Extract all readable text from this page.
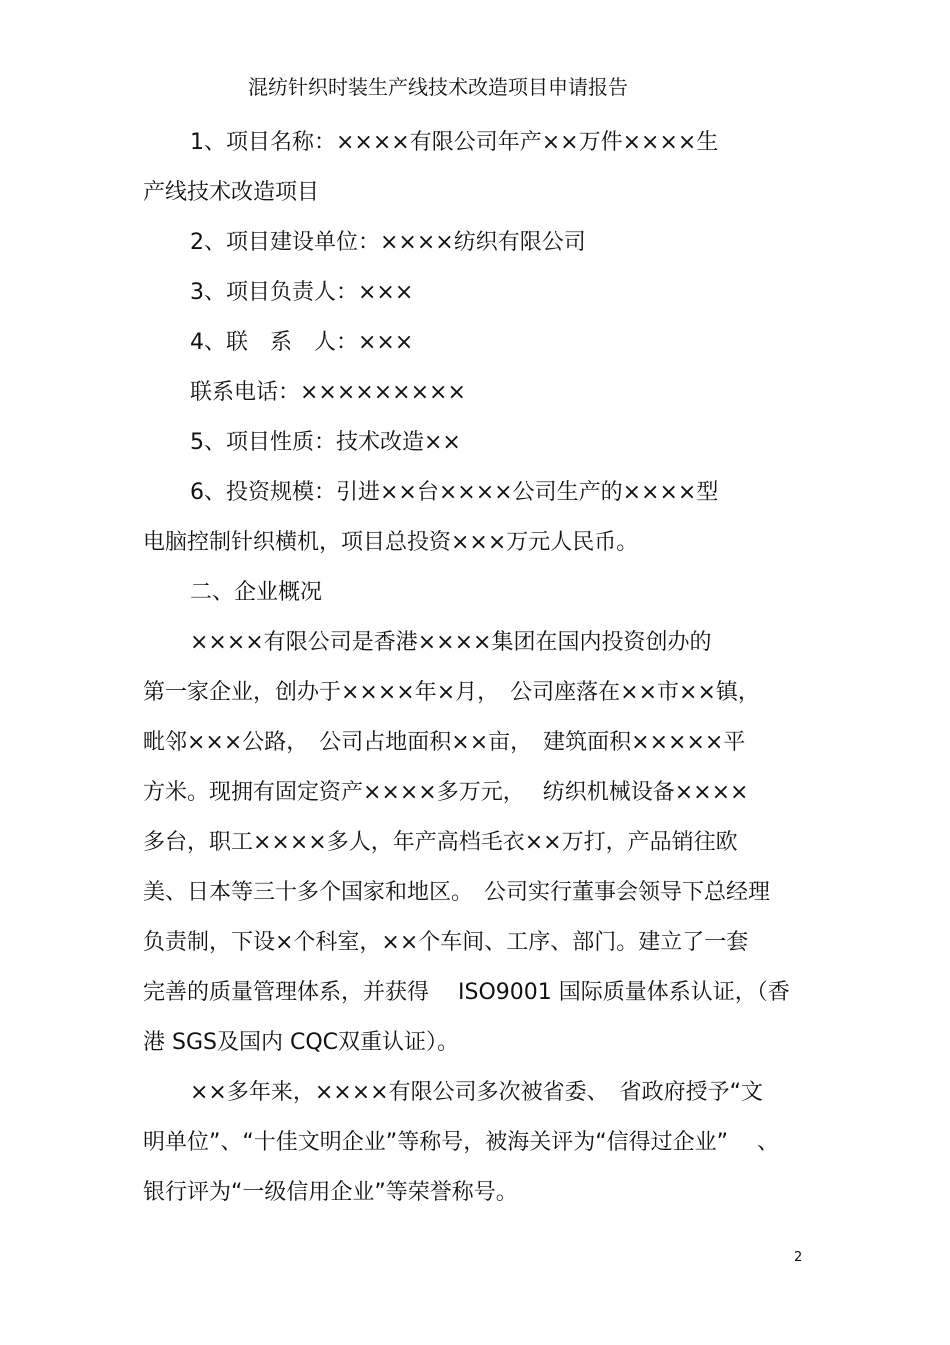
混纺针织时装生产线技术改造项目申请报告
1、项目名称：××××有限公司年产××万件××××生
产线技术改造项目
2、项目建设单位：××××纺织有限公司
3、项目负责人：×××
4、联　系　人：×××
联系电话：×××××××××
5、项目性质：技术改造××
6、投资规模：引进××台××××公司生产的××××型
电脑控制针织横机，项目总投资×××万元人民币。
二、企业概况
××××有限公司是香港××××集团在国内投资创办的
第一家企业，创办于××××年×月，　公司座落在××市××镇，
毗邻×××公路，　公司占地面积××亩，　建筑面积×××××平
方米。现拥有固定资产××××多万元，　 纺织机械设备××××
多台，职工××××多人，年产高档毛衣××万打，产品销往欧
美、日本等三十多个国家和地区。　公司实行董事会领导下总经理
负责制，下设×个科室，××个车间、工序、部门。建立了一套
完善的质量管理体系，并获得　 ISO9001 国际质量体系认证，（香
港 SGS及国内 CQC双重认证）。
××多年来，××××有限公司多次被省委、　省政府授予“文
明单位”、“十佳文明企业”等称号，被海关评为“信得过企业”　 、
银行评为“一级信用企业”等荣誉称号。
2
